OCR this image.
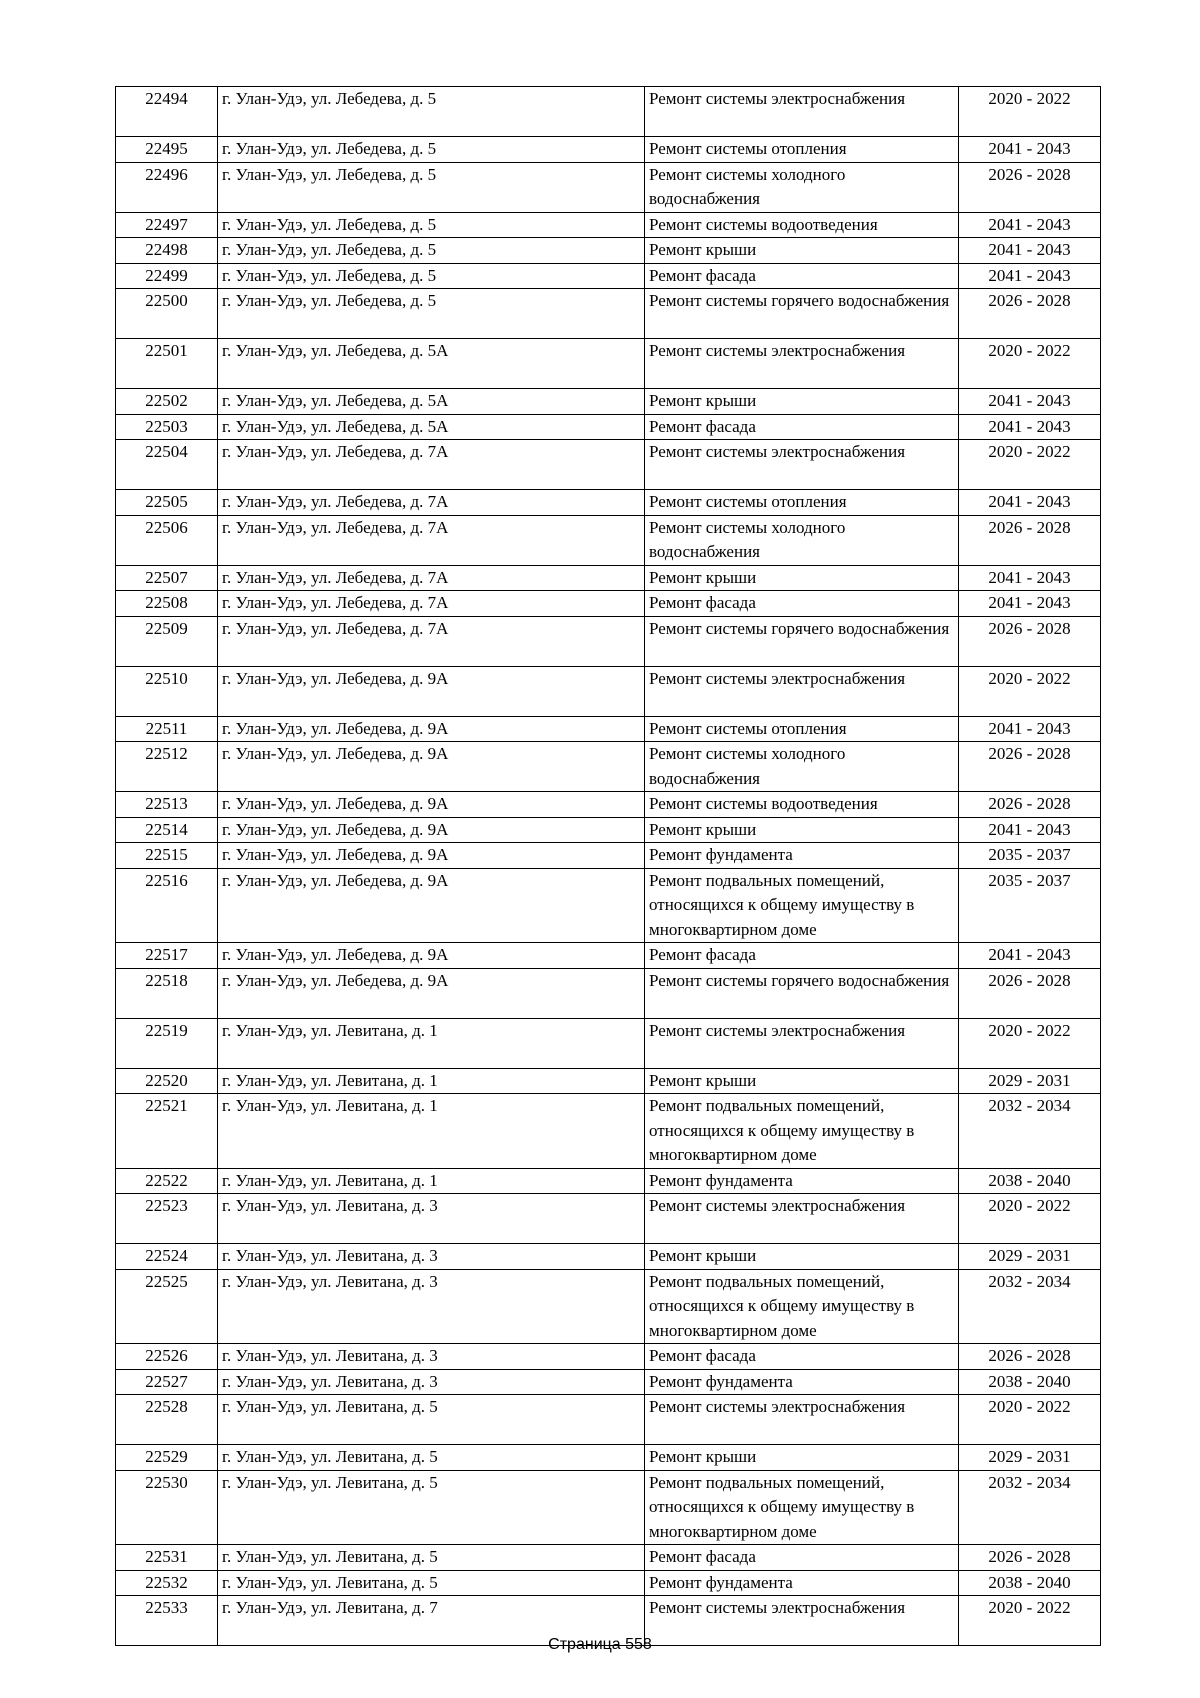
22494	г. Улан-Удэ, ул. Лебедева, д. 5	Ремонт системы электроснабжения	2020 - 2022
22495	г. Улан-Удэ, ул. Лебедева, д. 5	Ремонт системы отопления	2041 - 2043
22496	г. Улан-Удэ, ул. Лебедева, д. 5	Ремонт системы холодного водоснабжения	2026 - 2028
22497	г. Улан-Удэ, ул. Лебедева, д. 5	Ремонт системы водоотведения	2041 - 2043
22498	г. Улан-Удэ, ул. Лебедева, д. 5	Ремонт крыши	2041 - 2043
22499	г. Улан-Удэ, ул. Лебедева, д. 5	Ремонт фасада	2041 - 2043
22500	г. Улан-Удэ, ул. Лебедева, д. 5	Ремонт системы горячего водоснабжения	2026 - 2028
22501	г. Улан-Удэ, ул. Лебедева, д. 5А	Ремонт системы электроснабжения	2020 - 2022
22502	г. Улан-Удэ, ул. Лебедева, д. 5А	Ремонт крыши	2041 - 2043
22503	г. Улан-Удэ, ул. Лебедева, д. 5А	Ремонт фасада	2041 - 2043
22504	г. Улан-Удэ, ул. Лебедева, д. 7А	Ремонт системы электроснабжения	2020 - 2022
22505	г. Улан-Удэ, ул. Лебедева, д. 7А	Ремонт системы отопления	2041 - 2043
22506	г. Улан-Удэ, ул. Лебедева, д. 7А	Ремонт системы холодного водоснабжения	2026 - 2028
22507	г. Улан-Удэ, ул. Лебедева, д. 7А	Ремонт крыши	2041 - 2043
22508	г. Улан-Удэ, ул. Лебедева, д. 7А	Ремонт фасада	2041 - 2043
22509	г. Улан-Удэ, ул. Лебедева, д. 7А	Ремонт системы горячего водоснабжения	2026 - 2028
22510	г. Улан-Удэ, ул. Лебедева, д. 9А	Ремонт системы электроснабжения	2020 - 2022
22511	г. Улан-Удэ, ул. Лебедева, д. 9А	Ремонт системы отопления	2041 - 2043
22512	г. Улан-Удэ, ул. Лебедева, д. 9А	Ремонт системы холодного водоснабжения	2026 - 2028
22513	г. Улан-Удэ, ул. Лебедева, д. 9А	Ремонт системы водоотведения	2026 - 2028
22514	г. Улан-Удэ, ул. Лебедева, д. 9А	Ремонт крыши	2041 - 2043
22515	г. Улан-Удэ, ул. Лебедева, д. 9А	Ремонт фундамента	2035 - 2037
22516	г. Улан-Удэ, ул. Лебедева, д. 9А	Ремонт подвальных помещений, относящихся к общему имуществу в многоквартирном доме	2035 - 2037
22517	г. Улан-Удэ, ул. Лебедева, д. 9А	Ремонт фасада	2041 - 2043
22518	г. Улан-Удэ, ул. Лебедева, д. 9А	Ремонт системы горячего водоснабжения	2026 - 2028
22519	г. Улан-Удэ, ул. Левитана, д. 1	Ремонт системы электроснабжения	2020 - 2022
22520	г. Улан-Удэ, ул. Левитана, д. 1	Ремонт крыши	2029 - 2031
22521	г. Улан-Удэ, ул. Левитана, д. 1	Ремонт подвальных помещений, относящихся к общему имуществу в многоквартирном доме	2032 - 2034
22522	г. Улан-Удэ, ул. Левитана, д. 1	Ремонт фундамента	2038 - 2040
22523	г. Улан-Удэ, ул. Левитана, д. 3	Ремонт системы электроснабжения	2020 - 2022
22524	г. Улан-Удэ, ул. Левитана, д. 3	Ремонт крыши	2029 - 2031
22525	г. Улан-Удэ, ул. Левитана, д. 3	Ремонт подвальных помещений, относящихся к общему имуществу в многоквартирном доме	2032 - 2034
22526	г. Улан-Удэ, ул. Левитана, д. 3	Ремонт фасада	2026 - 2028
22527	г. Улан-Удэ, ул. Левитана, д. 3	Ремонт фундамента	2038 - 2040
22528	г. Улан-Удэ, ул. Левитана, д. 5	Ремонт системы электроснабжения	2020 - 2022
22529	г. Улан-Удэ, ул. Левитана, д. 5	Ремонт крыши	2029 - 2031
22530	г. Улан-Удэ, ул. Левитана, д. 5	Ремонт подвальных помещений, относящихся к общему имуществу в многоквартирном доме	2032 - 2034
22531	г. Улан-Удэ, ул. Левитана, д. 5	Ремонт фасада	2026 - 2028
22532	г. Улан-Удэ, ул. Левитана, д. 5	Ремонт фундамента	2038 - 2040
22533	г. Улан-Удэ, ул. Левитана, д. 7	Ремонт системы электроснабжения	2020 - 2022
Страница 558
